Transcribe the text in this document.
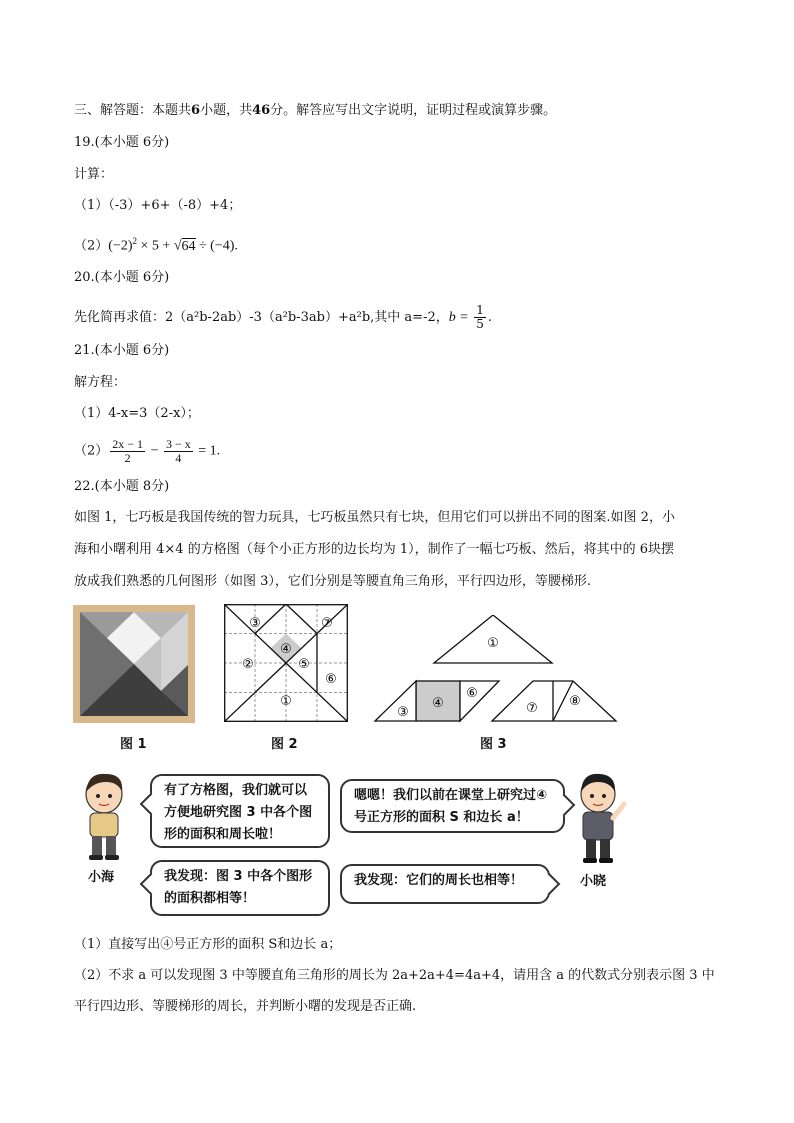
三、解答题：本题共6小题，共46分。解答应写出文字说明，证明过程或演算步骤。
19.(本小题 6分)
计算：
（1）（-3）+6+（-8）+4；
$(2)(-2)^2 \times 5 + √64 \div (-4)$.
20.(本小题 6分)
先化简再求值：2（a²b-2ab）-3（a²b-3ab）+a²b,其中 a=-2，$b = \frac{1}{5}$ .
21.(本小题 6分)
解方程：
（1）4-x=3（2-x）；
$(2) \frac{2x - 1}{2} - \frac{3 - x}{4} = 1$.
22.(本小题 8分)
如图 1，七巧板是我国传统的智力玩具，七巧板虽然只有七块，但用它们可以拼出不同的图案.如图 2，小
海和小曙利用 4×4 的方格图（每个小正方形的边长均为 1），制作了一幅七巧板、然后，将其中的 6块摆
放成我们熟悉的几何图形（如图 3），它们分别是等腰直角三角形，平行四边形，等腰梯形.
图 1
③
④
⑦
②	⑤
⑥
①
图 2
①
③
④
⑥
⑦ ⑧
图 3
小海	小晓
有了方格图，我们就可以方便地研究图 3 中各个图形的面积和周长啦！
我发现：图 3 中各个图形的面积都相等！
嗯嗯！我们以前在课堂上研究过④号正方形的面积 S 和边长 a！
我发现：它们的周长也相等！
（1）直接写出④号正方形的面积 S和边长 a；
（2）不求 a 可以发现图 3 中等腰直角三角形的周长为 2a+2a+4=4a+4，请用含 a 的代数式分别表示图 3 中
平行四边形、等腰梯形的周长，并判断小曙的发现是否正确.
